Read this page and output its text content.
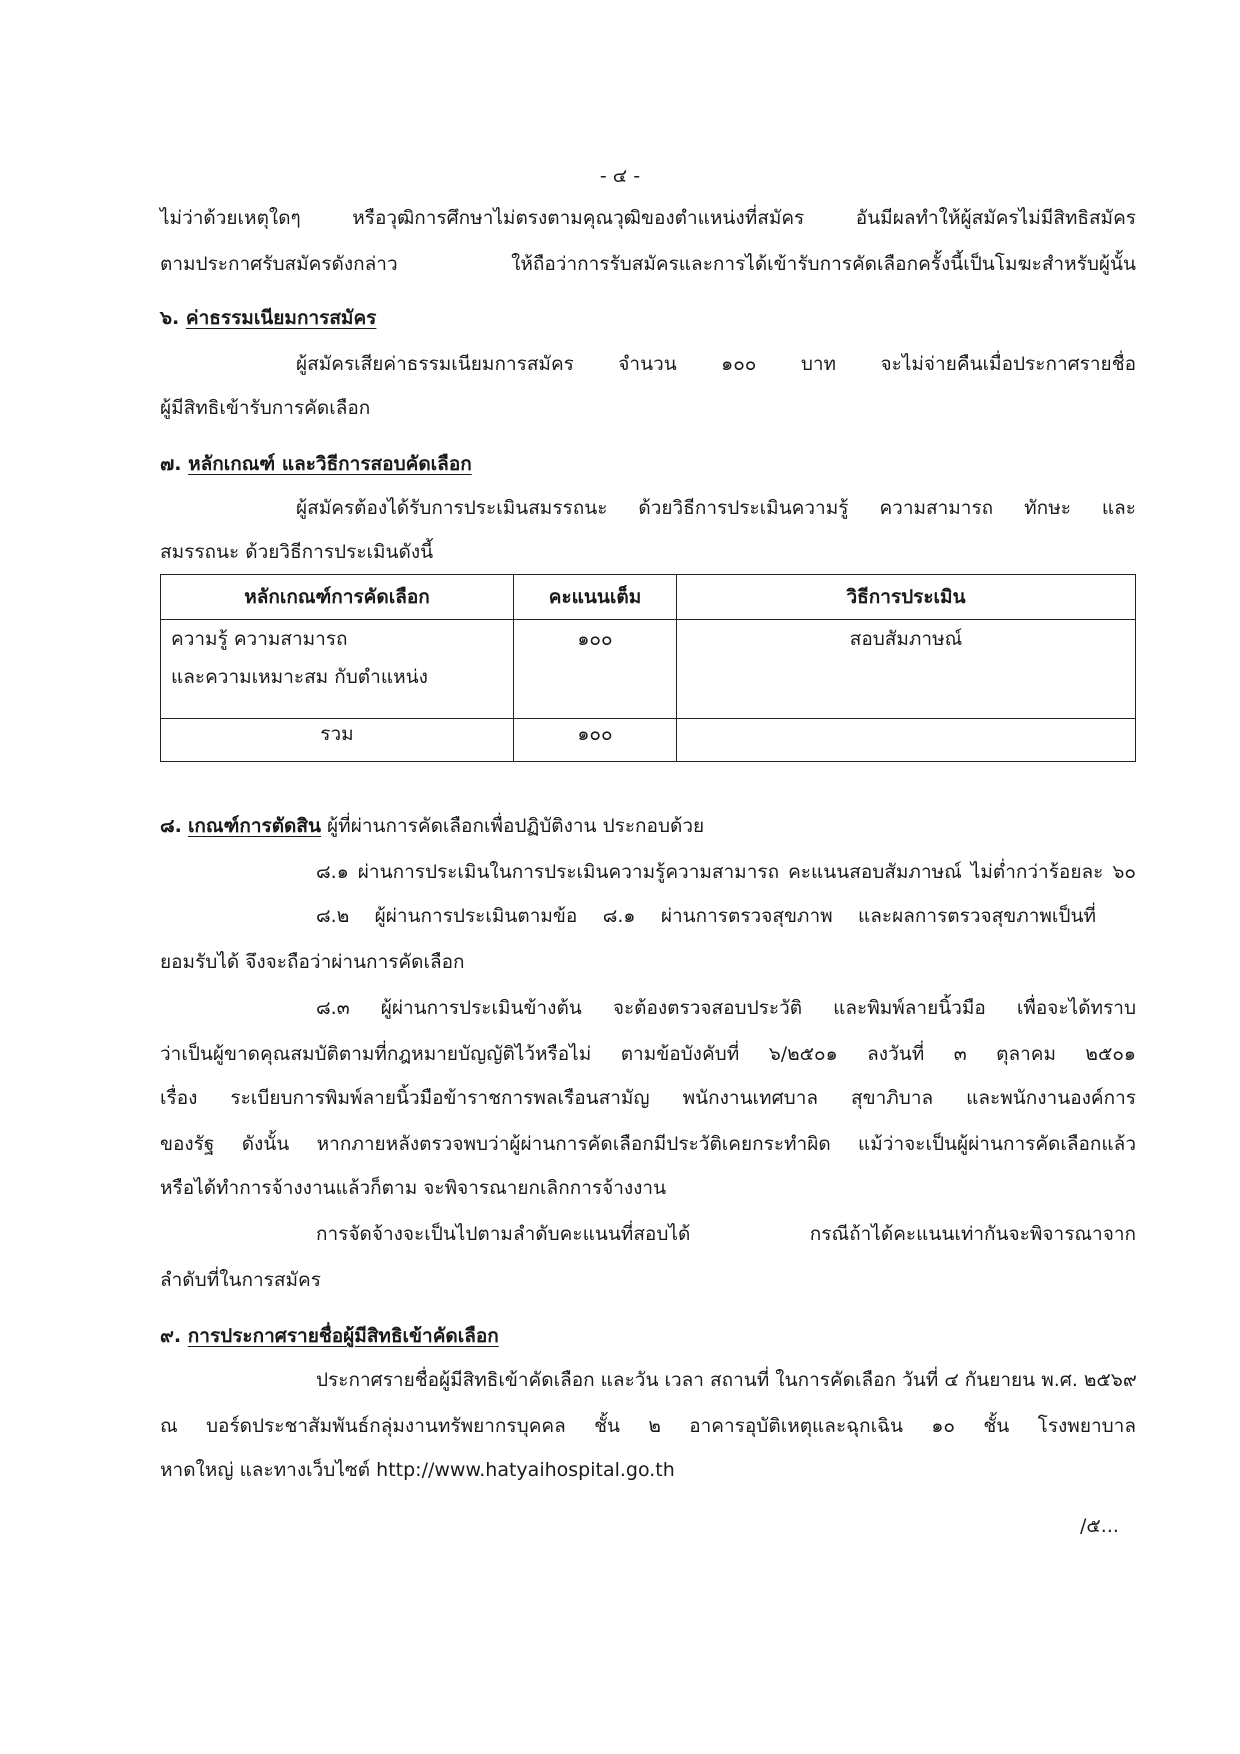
- ๔ -
ไม่ว่าด้วยเหตุใดๆ หรือวุฒิการศึกษาไม่ตรงตามคุณวุฒิของตำแหน่งที่สมัคร อันมีผลทำให้ผู้สมัครไม่มีสิทธิสมัคร
ตามประกาศรับสมัครดังกล่าว ให้ถือว่าการรับสมัครและการได้เข้ารับการคัดเลือกครั้งนี้เป็นโมฆะสำหรับผู้นั้น
๖. ค่าธรรมเนียมการสมัคร
ผู้สมัครเสียค่าธรรมเนียมการสมัคร จำนวน ๑๐๐ บาท จะไม่จ่ายคืนเมื่อประกาศรายชื่อ
ผู้มีสิทธิเข้ารับการคัดเลือก
๗. หลักเกณฑ์ และวิธีการสอบคัดเลือก
ผู้สมัครต้องได้รับการประเมินสมรรถนะ ด้วยวิธีการประเมินความรู้ ความสามารถ ทักษะ และ
สมรรถนะ ด้วยวิธีการประเมินดังนี้
หลักเกณฑ์การคัดเลือก	คะแนนเต็ม	วิธีการประเมิน

ความรู้ ความสามารถ
และความเหมาะสม กับตำแหน่ง	๑๐๐	สอบสัมภาษณ์
รวม	๑๐๐	
๘. เกณฑ์การตัดสิน ผู้ที่ผ่านการคัดเลือกเพื่อปฏิบัติงาน ประกอบด้วย
๘.๑ ผ่านการประเมินในการประเมินความรู้ความสามารถ คะแนนสอบสัมภาษณ์ ไม่ต่ำกว่าร้อยละ ๖๐
๘.๒ ผู้ผ่านการประเมินตามข้อ ๘.๑ ผ่านการตรวจสุขภาพ และผลการตรวจสุขภาพเป็นที่
ยอมรับได้ จึงจะถือว่าผ่านการคัดเลือก
๘.๓ ผู้ผ่านการประเมินข้างต้น จะต้องตรวจสอบประวัติ และพิมพ์ลายนิ้วมือ เพื่อจะได้ทราบ
ว่าเป็นผู้ขาดคุณสมบัติตามที่กฎหมายบัญญัติไว้หรือไม่ ตามข้อบังคับที่ ๖/๒๕๐๑ ลงวันที่ ๓ ตุลาคม ๒๕๐๑
เรื่อง ระเบียบการพิมพ์ลายนิ้วมือข้าราชการพลเรือนสามัญ พนักงานเทศบาล สุขาภิบาล และพนักงานองค์การ
ของรัฐ ดังนั้น หากภายหลังตรวจพบว่าผู้ผ่านการคัดเลือกมีประวัติเคยกระทำผิด แม้ว่าจะเป็นผู้ผ่านการคัดเลือกแล้ว
หรือได้ทำการจ้างงานแล้วก็ตาม จะพิจารณายกเลิกการจ้างงาน
การจัดจ้างจะเป็นไปตามลำดับคะแนนที่สอบได้ กรณีถ้าได้คะแนนเท่ากันจะพิจารณาจาก
ลำดับที่ในการสมัคร
๙. การประกาศรายชื่อผู้มีสิทธิเข้าคัดเลือก
ประกาศรายชื่อผู้มีสิทธิเข้าคัดเลือก และวัน เวลา สถานที่ ในการคัดเลือก วันที่ ๔ กันยายน พ.ศ. ๒๕๖๙
ณ บอร์ดประชาสัมพันธ์กลุ่มงานทรัพยากรบุคคล ชั้น ๒ อาคารอุบัติเหตุและฉุกเฉิน ๑๐ ชั้น โรงพยาบาล
หาดใหญ่ และทางเว็บไซต์ http://www.hatyaihospital.go.th
/๕...
